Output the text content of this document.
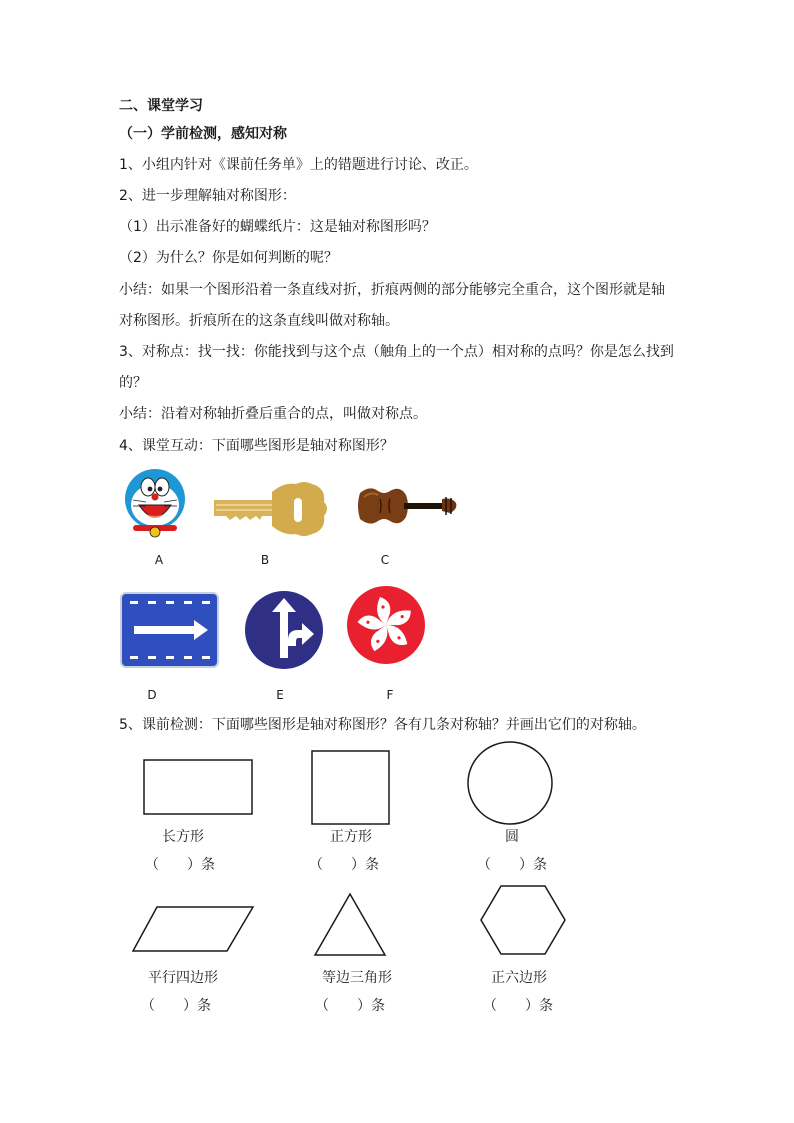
二、课堂学习
（一）学前检测，感知对称
1、小组内针对《课前任务单》上的错题进行讨论、改正。
2、进一步理解轴对称图形：
（1）出示准备好的蝴蝶纸片：这是轴对称图形吗？
（2）为什么？你是如何判断的呢？
小结：如果一个图形沿着一条直线对折，折痕两侧的部分能够完全重合，这个图形就是轴
对称图形。折痕所在的这条直线叫做对称轴。
3、对称点：找一找：你能找到与这个点（触角上的一个点）相对称的点吗？你是怎么找到
的？
小结：沿着对称轴折叠后重合的点，叫做对称点。
4、课堂互动：下面哪些图形是轴对称图形？
A	B	C
D	E	F
5、课前检测：下面哪些图形是轴对称图形？各有几条对称轴？并画出它们的对称轴。
长方形	正方形	圆
（　　）条	（　　）条	（　　）条
平行四边形	等边三角形	正六边形
（　　）条	（　　）条	（　　）条
